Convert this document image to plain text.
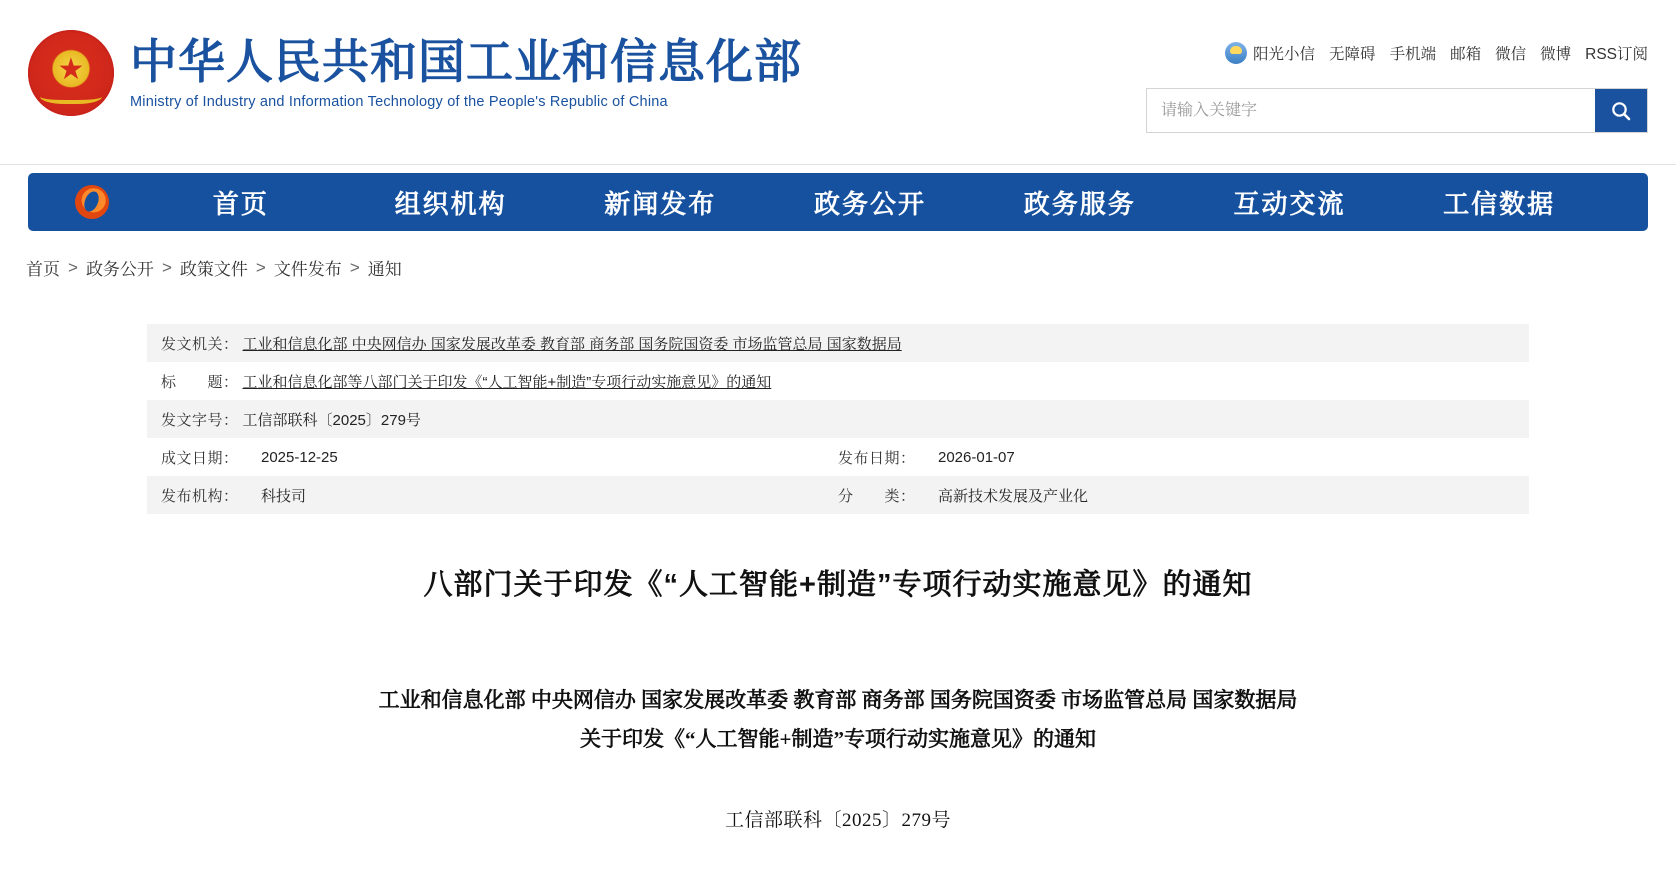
★
中华人民共和国工业和信息化部
Ministry of Industry and Information Technology of the People's Republic of China
阳光小信 无障碍 手机端 邮箱 微信 微博 RSS订阅
请输入关键字
首页	组织机构	新闻发布	政务公开	政务服务	互动交流	工信数据
首页 > 政务公开 > 政策文件 > 文件发布 > 通知
发文机关： 工业和信息化部 中央网信办 国家发展改革委 教育部 商务部 国务院国资委 市场监管总局 国家数据局
标　　题： 工业和信息化部等八部门关于印发《“人工智能+制造”专项行动实施意见》的通知
发文字号： 工信部联科〔2025〕279号
成文日期：	2025-12-25	发布日期：	2026-01-07
发布机构：	科技司	分　　类：	高新技术发展及产业化
八部门关于印发《“人工智能+制造”专项行动实施意见》的通知
工业和信息化部 中央网信办 国家发展改革委 教育部 商务部 国务院国资委 市场监管总局 国家数据局
关于印发《“人工智能+制造”专项行动实施意见》的通知
工信部联科〔2025〕279号
